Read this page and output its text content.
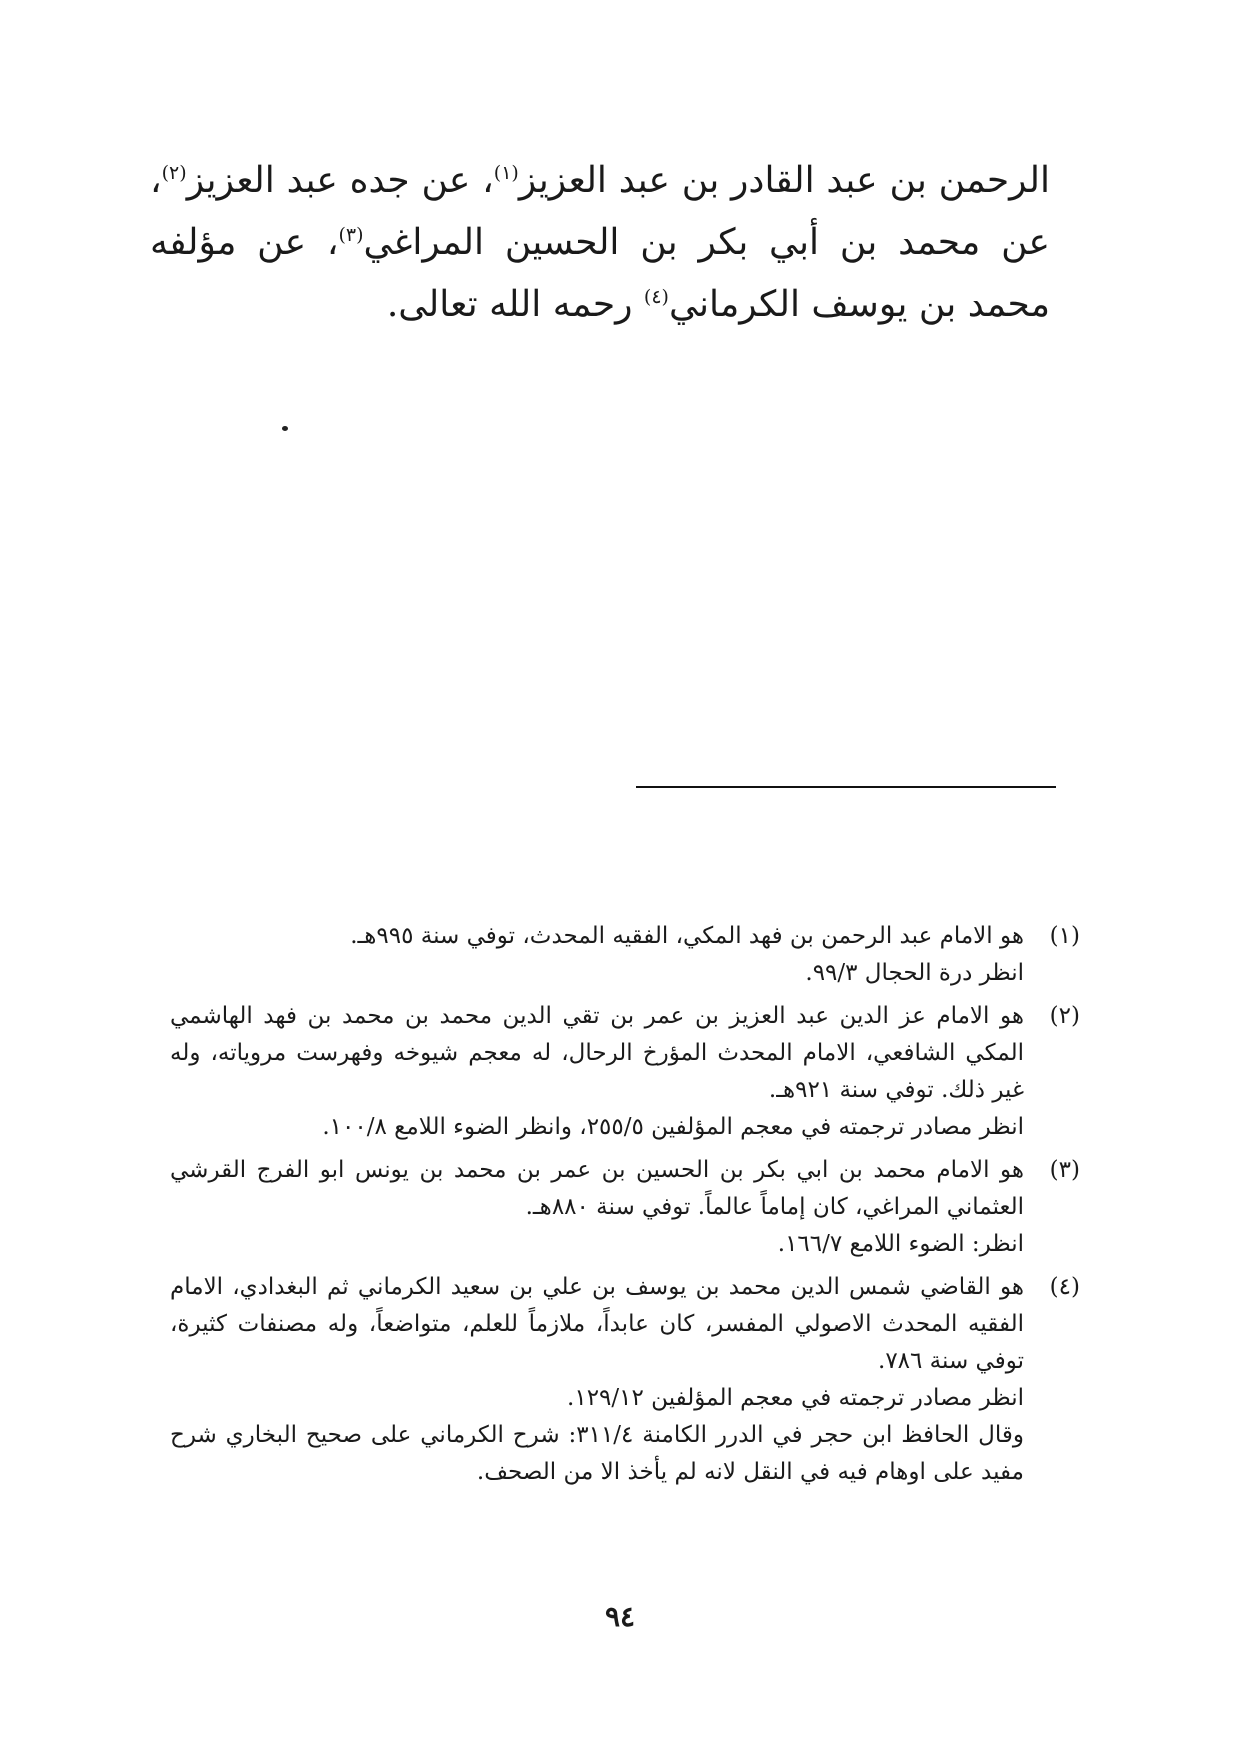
الرحمن بن عبد القادر بن عبد العزيز$^{(١)}$، عن جده عبد العزيز$^{(٢)}$، عن محمد بن أبي بكر بن الحسين المراغي$^{(٣)}$، عن مؤلفه محمد بن يوسف الكرماني$^{(٤)}$ رحمه الله تعالى.

(١)
هو الامام عبد الرحمن بن فهد المكي، الفقيه المحدث، توفي سنة ٩٩٥هـ.
انظر درة الحجال ٩٩/٣.
(٢)
هو الامام عز الدين عبد العزيز بن عمر بن تقي الدين محمد بن محمد بن فهد الهاشمي المكي الشافعي، الامام المحدث المؤرخ الرحال، له معجم شيوخه وفهرست مروياته، وله غير ذلك. توفي سنة ٩٢١هـ.
انظر مصادر ترجمته في معجم المؤلفين ٢٥٥/٥، وانظر الضوء اللامع ١٠٠/٨.
(٣)
هو الامام محمد بن ابي بكر بن الحسين بن عمر بن محمد بن يونس ابو الفرج القرشي العثماني المراغي، كان إماماً عالماً. توفي سنة ٨٨٠هـ.
انظر: الضوء اللامع ١٦٦/٧.
(٤)
هو القاضي شمس الدين محمد بن يوسف بن علي بن سعيد الكرماني ثم البغدادي، الامام الفقيه المحدث الاصولي المفسر، كان عابداً، ملازماً للعلم، متواضعاً، وله مصنفات كثيرة، توفي سنة ٧٨٦.
انظر مصادر ترجمته في معجم المؤلفين ١٢٩/١٢.
وقال الحافظ ابن حجر في الدرر الكامنة ٣١١/٤: شرح الكرماني على صحيح البخاري شرح مفيد على اوهام فيه في النقل لانه لم يأخذ الا من الصحف.
٩٤
